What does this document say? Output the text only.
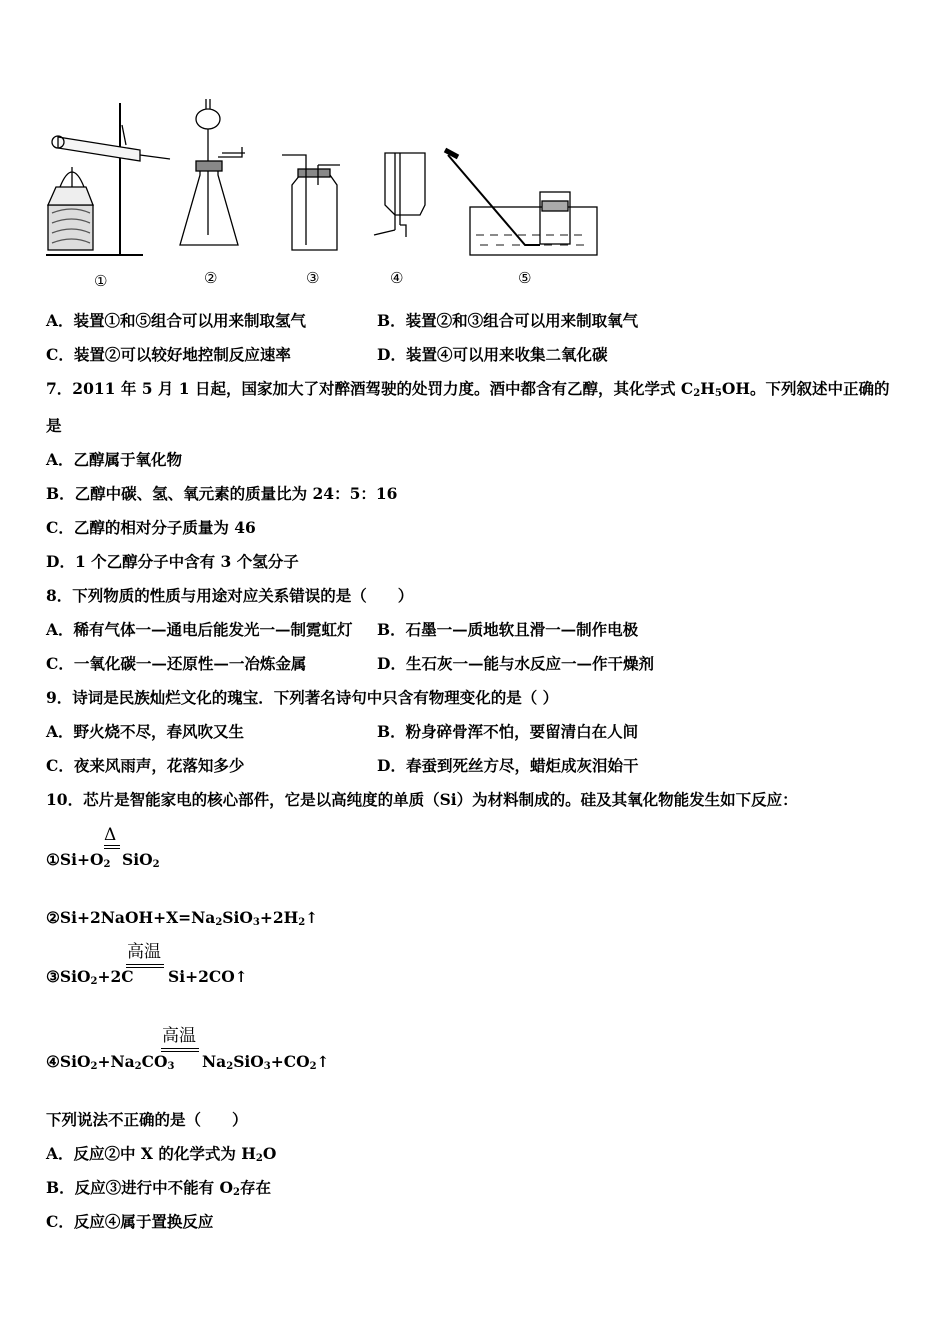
①	②	③	④	⑤
A．装置①和⑤组合可以用来制取氢气	B．装置②和③组合可以用来制取氧气
C．装置②可以较好地控制反应速率	D．装置④可以用来收集二氧化碳
7．2011 年 5 月 1 日起，国家加大了对醉酒驾驶的处罚力度。酒中都含有乙醇，其化学式 $C_2H_5OH$。下列叙述中正确的
是
A．乙醇属于氧化物
B．乙醇中碳、氢、氧元素的质量比为 24：5：16
C．乙醇的相对分子质量为 46
D．1 个乙醇分子中含有 3 个氢分子
8．下列物质的性质与用途对应关系错误的是（　　）
A．稀有气体一—通电后能发光一—制霓虹灯 B．石墨一—质地软且滑一—制作电极
C．一氧化碳一—还原性—一冶炼金属	D．生石灰一—能与水反应一—作干燥剂
9．诗词是民族灿烂文化的瑰宝．下列著名诗句中只含有物理变化的是（ ）
A．野火烧不尽，春风吹又生	B．粉身碎骨浑不怕，要留清白在人间
C．夜来风雨声，花落知多少	D．春蚕到死丝方尽，蜡炬成灰泪始干
10．芯片是智能家电的核心部件，它是以高纯度的单质（Si）为材料制成的。硅及其氧化物能发生如下反应：
Δ
$①Si+O_2$ SiO$_2$
$②Si+2NaOH+X=Na_2SiO_3+2H_2↑$
高温
③SiO$_2$+2C Si+2CO↑
高温
$④SiO_2+Na_2CO_3$ $Na_2SiO_3+CO_2↑$
下列说法不正确的是（　　）
A．反应②中 X 的化学式为 $H_2O$
B．反应③进行中不能有 $O_2$存在
C．反应④属于置换反应
